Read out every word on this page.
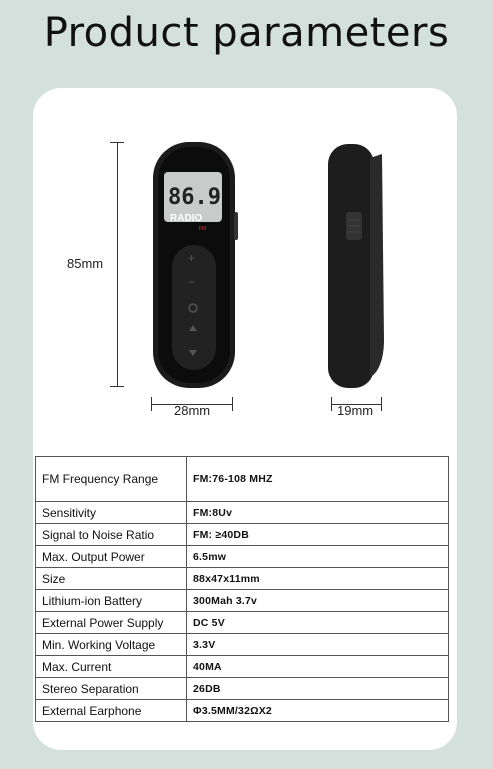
Product parameters
85mm
86.9
RADIO
FM
+
−
28mm	19mm
FM Frequency Range	FM:76-108 MHZ
Sensitivity	FM:8Uv
Signal to Noise Ratio	FM: ≥40DB
Max. Output Power	6.5mw
Size	88x47x11mm
Lithium-ion Battery	300Mah 3.7v
External Power Supply	DC 5V
Min. Working Voltage	3.3V
Max. Current	40MA
Stereo Separation	26DB
External Earphone	Φ3.5MM/32ΩX2
